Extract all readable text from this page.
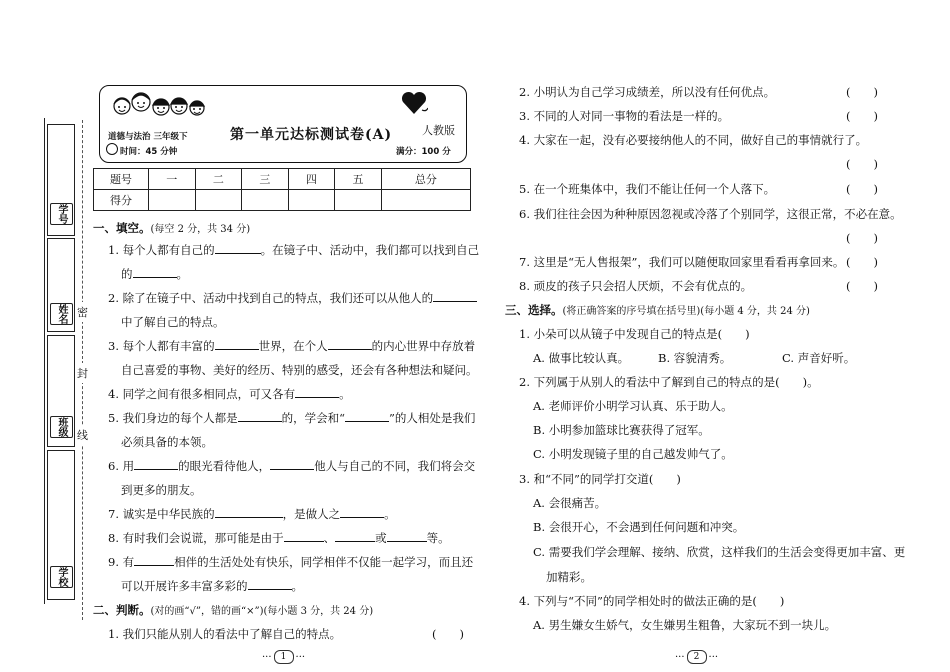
学号
姓名
班级
学校
密
封
线
道德与法治 三年级下
时间：45 分钟
第一单元达标测试卷(A)	人教版
满分：100 分
题号	一	二	三	四	五	总分
得分						
一、填空。(每空 2 分，共 34 分)
1. 每个人都有自己的	。在镜子中、活动中，我们都可以找到自己
的	。
2. 除了在镜子中、活动中找到自己的特点，我们还可以从他人的
中了解自己的特点。
3. 每个人都有丰富的	世界，在个人	的内心世界中存放着
自己喜爱的事物、美好的经历、特别的感受，还会有各种想法和疑问。
4. 同学之间有很多相同点，可又各有	。
5. 我们身边的每个人都是	的，学会和“	”的人相处是我们
必须具备的本领。
6. 用	的眼光看待他人，	他人与自己的不同，我们将会交
到更多的朋友。
7. 诚实是中华民族的	，是做人之	。
8. 有时我们会说谎，那可能是由于	、	或	等。
9. 有	相伴的生活处处有快乐，同学相伴不仅能一起学习，而且还
可以开展许多丰富多彩的	。
二、判断。(对的画“√”，错的画“×”)(每小题 3 分，共 24 分)
1. 我们只能从别人的看法中了解自己的特点。	(　　)
···	1 ···
2. 小明认为自己学习成绩差，所以没有任何优点。	(　　)
3. 不同的人对同一事物的看法是一样的。	(　　)
4. 大家在一起，没有必要接纳他人的不同，做好自己的事情就行了。
(　　)
5. 在一个班集体中，我们不能让任何一个人落下。	(　　)
6. 我们往往会因为种种原因忽视或冷落了个别同学，这很正常，不必在意。
(　　)
7. 这里是“无人售报架”，我们可以随便取回家里看看再拿回来。 (　　)
8. 顽皮的孩子只会招人厌烦，不会有优点的。	(　　)
三、选择。(将正确答案的序号填在括号里)(每小题 4 分，共 24 分)
1. 小朵可以从镜子中发现自己的特点是(　　)
A. 做事比较认真。	B. 容貌清秀。	C. 声音好听。
2. 下列属于从别人的看法中了解到自己的特点的是(　　)。
A. 老师评价小明学习认真、乐于助人。
B. 小明参加篮球比赛获得了冠军。
C. 小明发现镜子里的自己越发帅气了。
3. 和“不同”的同学打交道(　　)
A. 会很痛苦。
B. 会很开心，不会遇到任何问题和冲突。
C. 需要我们学会理解、接纳、欣赏，这样我们的生活会变得更加丰富、更
加精彩。
4. 下列与“不同”的同学相处时的做法正确的是(　　)
A. 男生嫌女生娇气，女生嫌男生粗鲁，大家玩不到一块儿。
···	2 ···
